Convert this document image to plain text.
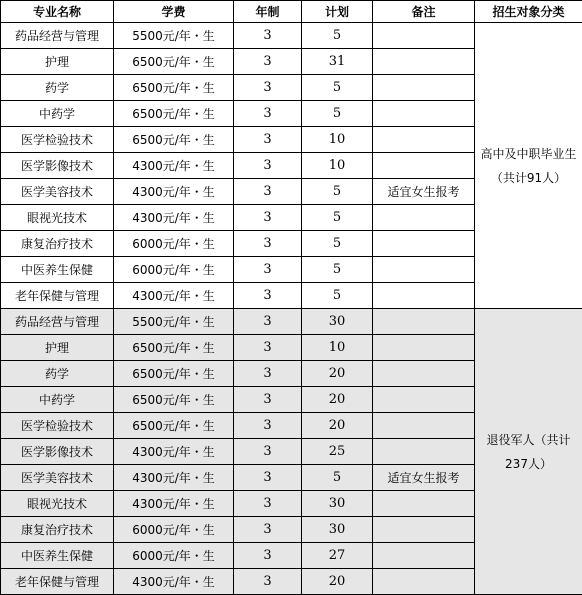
专业名称	学费	年制	计划	备注	招生对象分类
药品经营与管理	5500元/年・生	3	5		高中及中职毕业生（共计91人）
护理	6500元/年・生	3	31		
药学	6500元/年・生	3	5		
中药学	6500元/年・生	3	5		
医学检验技术	6500元/年・生	3	10		
医学影像技术	4300元/年・生	3	10		
医学美容技术	4300元/年・生	3	5	适宜女生报考	
眼视光技术	4300元/年・生	3	5		
康复治疗技术	6000元/年・生	3	5		
中医养生保健	6000元/年・生	3	5		
老年保健与管理	4300元/年・生	3	5		
药品经营与管理	5500元/年・生	3	30		退役军人（共计237人）
护理	6500元/年・生	3	10		
药学	6500元/年・生	3	20		
中药学	6500元/年・生	3	20		
医学检验技术	6500元/年・生	3	20		
医学影像技术	4300元/年・生	3	25		
医学美容技术	4300元/年・生	3	5	适宜女生报考	
眼视光技术	4300元/年・生	3	30		
康复治疗技术	6000元/年・生	3	30		
中医养生保健	6000元/年・生	3	27		
老年保健与管理	4300元/年・生	3	20		
